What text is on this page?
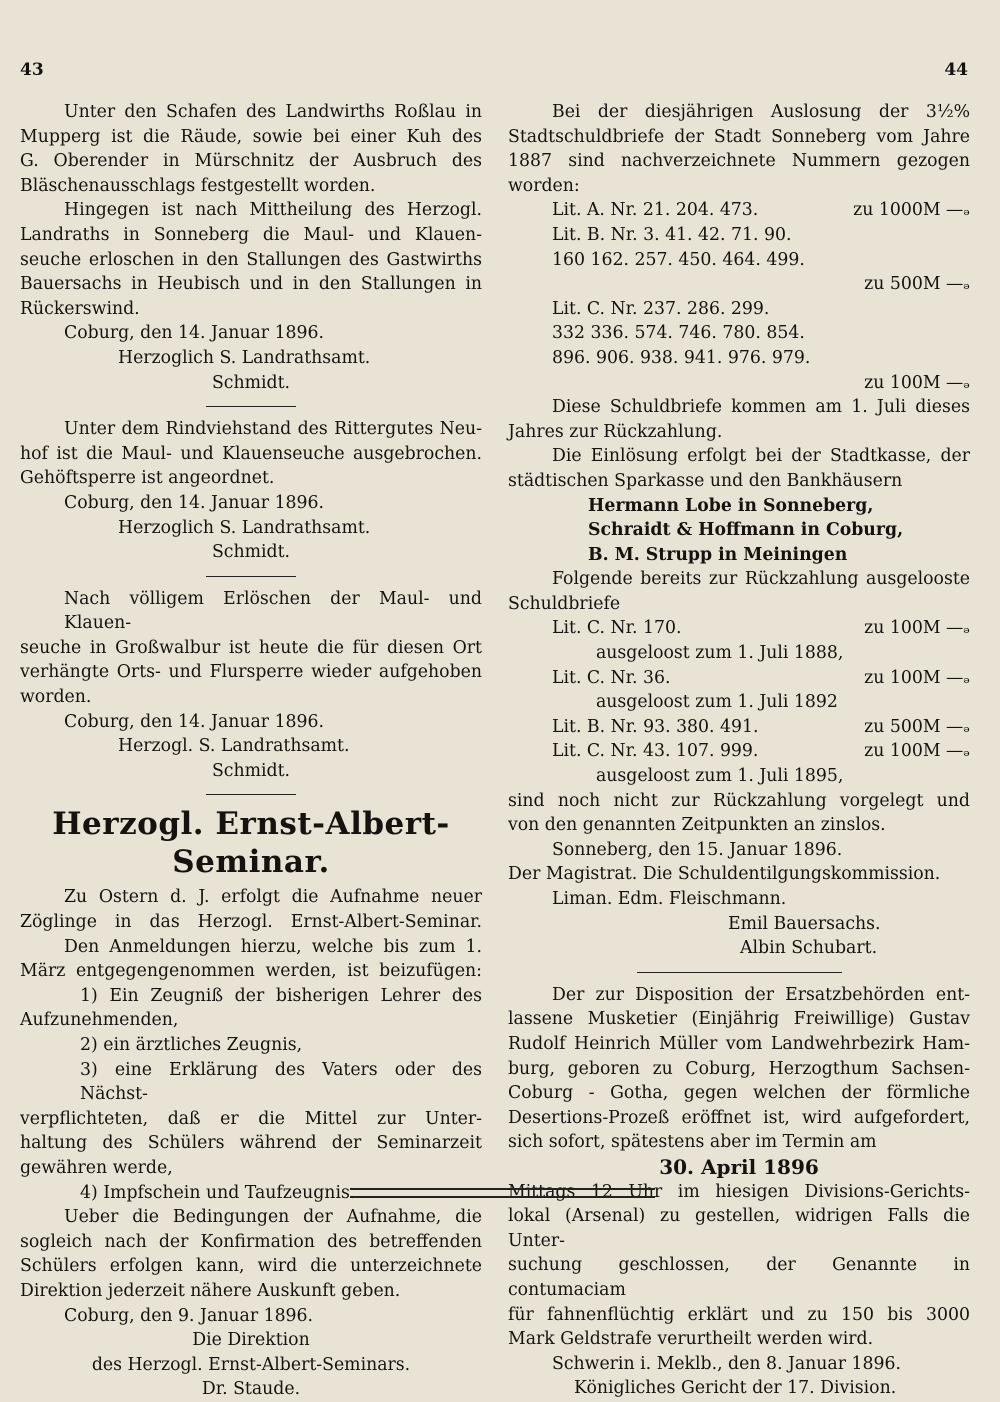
43	44

Unter den Schafen des Landwirths Roßlau in

Mupperg ist die Räude, sowie bei einer Kuh des

G. Oberender in Mürschnitz der Ausbruch des

Bläschenausschlags festgestellt worden.

Hingegen ist nach Mittheilung des Herzogl.

Landraths in Sonneberg die Maul- und Klauen-

seuche erloschen in den Stallungen des Gastwirths

Bauersachs in Heubisch und in den Stallungen in

Rückerswind.

Coburg, den 14. Januar 1896.

Herzoglich S. Landrathsamt.

Schmidt.

Unter dem Rindviehstand des Rittergutes Neu-

hof ist die Maul- und Klauenseuche ausgebrochen.

Gehöftsperre ist angeordnet.

Coburg, den 14. Januar 1896.

Herzoglich S. Landrathsamt.

Schmidt.

Nach völligem Erlöschen der Maul- und Klauen-

seuche in Großwalbur ist heute die für diesen Ort

verhängte Orts- und Flursperre wieder aufgehoben

worden.

Coburg, den 14. Januar 1896.

Herzogl. S. Landrathsamt.

Schmidt.

Herzogl. Ernst-Albert-Seminar.

Zu Ostern d. J. erfolgt die Aufnahme neuer

Zöglinge in das Herzogl. Ernst-Albert-Seminar.

Den Anmeldungen hierzu, welche bis zum 1.

März entgegengenommen werden, ist beizufügen:

1) Ein Zeugniß der bisherigen Lehrer des

Aufzunehmenden,

2) ein ärztliches Zeugnis,

3) eine Erklärung des Vaters oder des Nächst-

verpflichteten, daß er die Mittel zur Unter-

haltung des Schülers während der Seminarzeit

gewähren werde,

4) Impfschein und Taufzeugnis.

Ueber die Bedingungen der Aufnahme, die

sogleich nach der Konfirmation des betreffenden

Schülers erfolgen kann, wird die unterzeichnete

Direktion jederzeit nähere Auskunft geben.

Coburg, den 9. Januar 1896.

Die Direktion

des Herzogl. Ernst-Albert-Seminars.

Dr. Staude.

Bei der diesjährigen Auslosung der 3½%

Stadtschuldbriefe der Stadt Sonneberg vom Jahre

1887 sind nachverzeichnete Nummern gezogen worden:

Lit. A. Nr. 21. 204. 473.	zu 1000M —ₔ
Lit. B. Nr. 3. 41. 42. 71. 90.
160 162. 257. 450. 464. 499.
zu 500M —ₔ
Lit. C. Nr. 237. 286. 299.
332 336. 574. 746. 780. 854.
896. 906. 938. 941. 976. 979.
zu 100M —ₔ

Diese Schuldbriefe kommen am 1. Juli dieses

Jahres zur Rückzahlung.

Die Einlösung erfolgt bei der Stadtkasse, der

städtischen Sparkasse und den Bankhäusern

Hermann Lobe in Sonneberg,

Schraidt & Hoffmann in Coburg,

B. M. Strupp in Meiningen

Folgende bereits zur Rückzahlung ausgelooste

Schuldbriefe

Lit. C. Nr. 170.	zu 100M —ₔ
ausgeloost zum 1. Juli 1888,
Lit. C. Nr. 36.	zu 100M —ₔ
ausgeloost zum 1. Juli 1892
Lit. B. Nr. 93. 380. 491.	zu 500M —ₔ
Lit. C. Nr. 43. 107. 999.	zu 100M —ₔ
ausgeloost zum 1. Juli 1895,

sind noch nicht zur Rückzahlung vorgelegt und

von den genannten Zeitpunkten an zinslos.

Sonneberg, den 15. Januar 1896.

Der Magistrat. Die Schuldentilgungskommission.

Liman. Edm. Fleischmann.

Emil Bauersachs.

Albin Schubart.

Der zur Disposition der Ersatzbehörden ent-

lassene Musketier (Einjährig Freiwillige) Gustav

Rudolf Heinrich Müller vom Landwehrbezirk Ham-

burg, geboren zu Coburg, Herzogthum Sachsen-

Coburg - Gotha, gegen welchen der förmliche

Desertions-Prozeß eröffnet ist, wird aufgefordert,

sich sofort, spätestens aber im Termin am

30. April 1896

Mittags 12 Uhr im hiesigen Divisions-Gerichts-

lokal (Arsenal) zu gestellen, widrigen Falls die Unter-

suchung geschlossen, der Genannte in contumaciam

für fahnenflüchtig erklärt und zu 150 bis 3000

Mark Geldstrafe verurtheilt werden wird.

Schwerin i. Meklb., den 8. Januar 1896.

Königliches Gericht der 17. Division.
